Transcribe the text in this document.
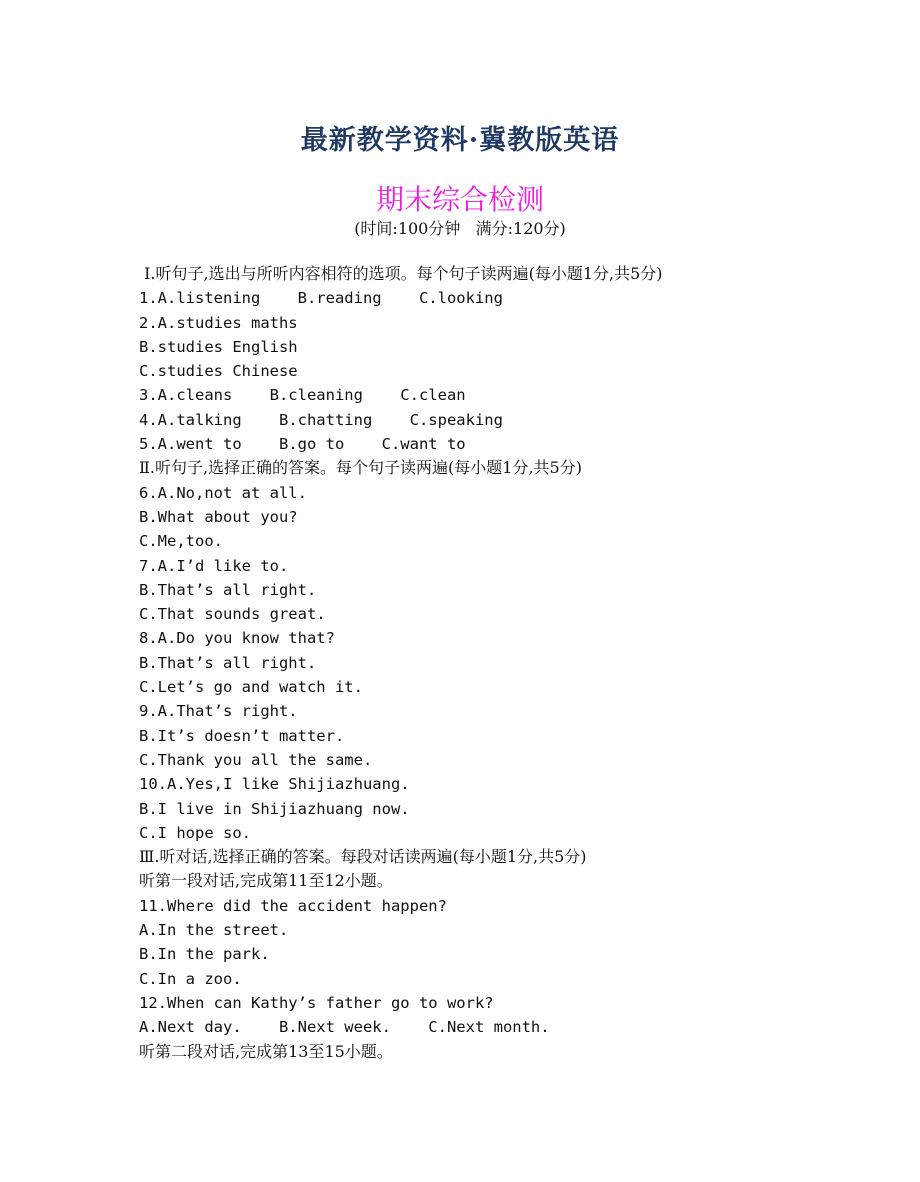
最新教学资料·冀教版英语
期末综合检测
(时间:100分钟   满分:120分)
Ⅰ.听句子,选出与所听内容相符的选项。每个句子读两遍(每小题1分,共5分)
1.A.listening    B.reading    C.looking
2.A.studies maths
B.studies English
C.studies Chinese
3.A.cleans    B.cleaning    C.clean
4.A.talking    B.chatting    C.speaking
5.A.went to    B.go to    C.want to
Ⅱ.听句子,选择正确的答案。每个句子读两遍(每小题1分,共5分)
6.A.No,not at all.
B.What about you?
C.Me,too.
7.A.I’d like to.
B.That’s all right.
C.That sounds great.
8.A.Do you know that?
B.That’s all right.
C.Let’s go and watch it.
9.A.That’s right.
B.It’s doesn’t matter.
C.Thank you all the same.
10.A.Yes,I like Shijiazhuang.
B.I live in Shijiazhuang now.
C.I hope so.
Ⅲ.听对话,选择正确的答案。每段对话读两遍(每小题1分,共5分)
听第一段对话,完成第11至12小题。
11.Where did the accident happen?
A.In the street.
B.In the park.
C.In a zoo.
12.When can Kathy’s father go to work?
A.Next day.    B.Next week.    C.Next month.
听第二段对话,完成第13至15小题。
